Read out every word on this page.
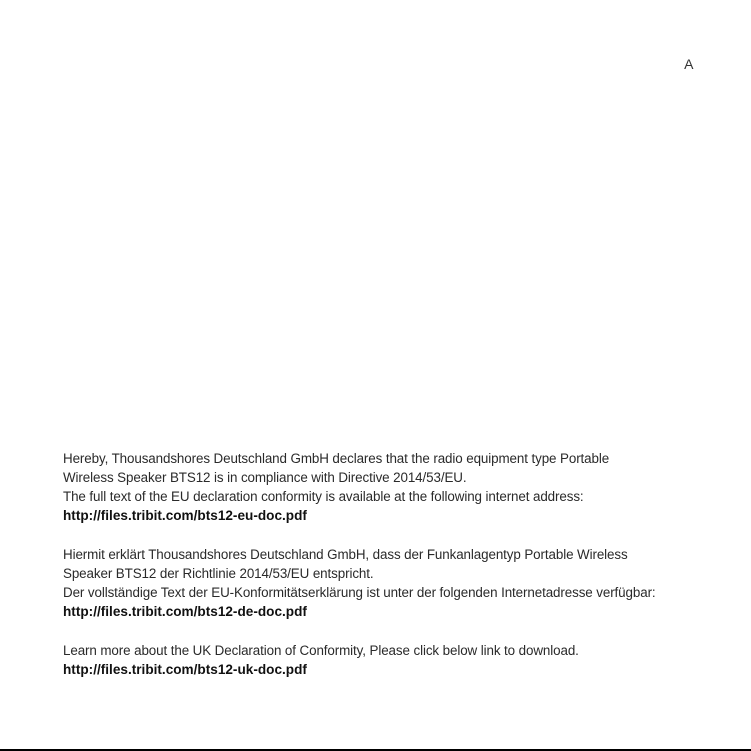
A
Hereby, Thousandshores Deutschland GmbH declares that the radio equipment type Portable
Wireless Speaker BTS12 is in compliance with Directive 2014/53/EU.
The full text of the EU declaration conformity is available at the following internet address:
http://files.tribit.com/bts12-eu-doc.pdf
Hiermit erklärt Thousandshores Deutschland GmbH, dass der Funkanlagentyp Portable Wireless
Speaker BTS12 der Richtlinie 2014/53/EU entspricht.
Der vollständige Text der EU-Konformitätserklärung ist unter der folgenden Internetadresse verfügbar:
http://files.tribit.com/bts12-de-doc.pdf
Learn more about the UK Declaration of Conformity, Please click below link to download.
http://files.tribit.com/bts12-uk-doc.pdf
